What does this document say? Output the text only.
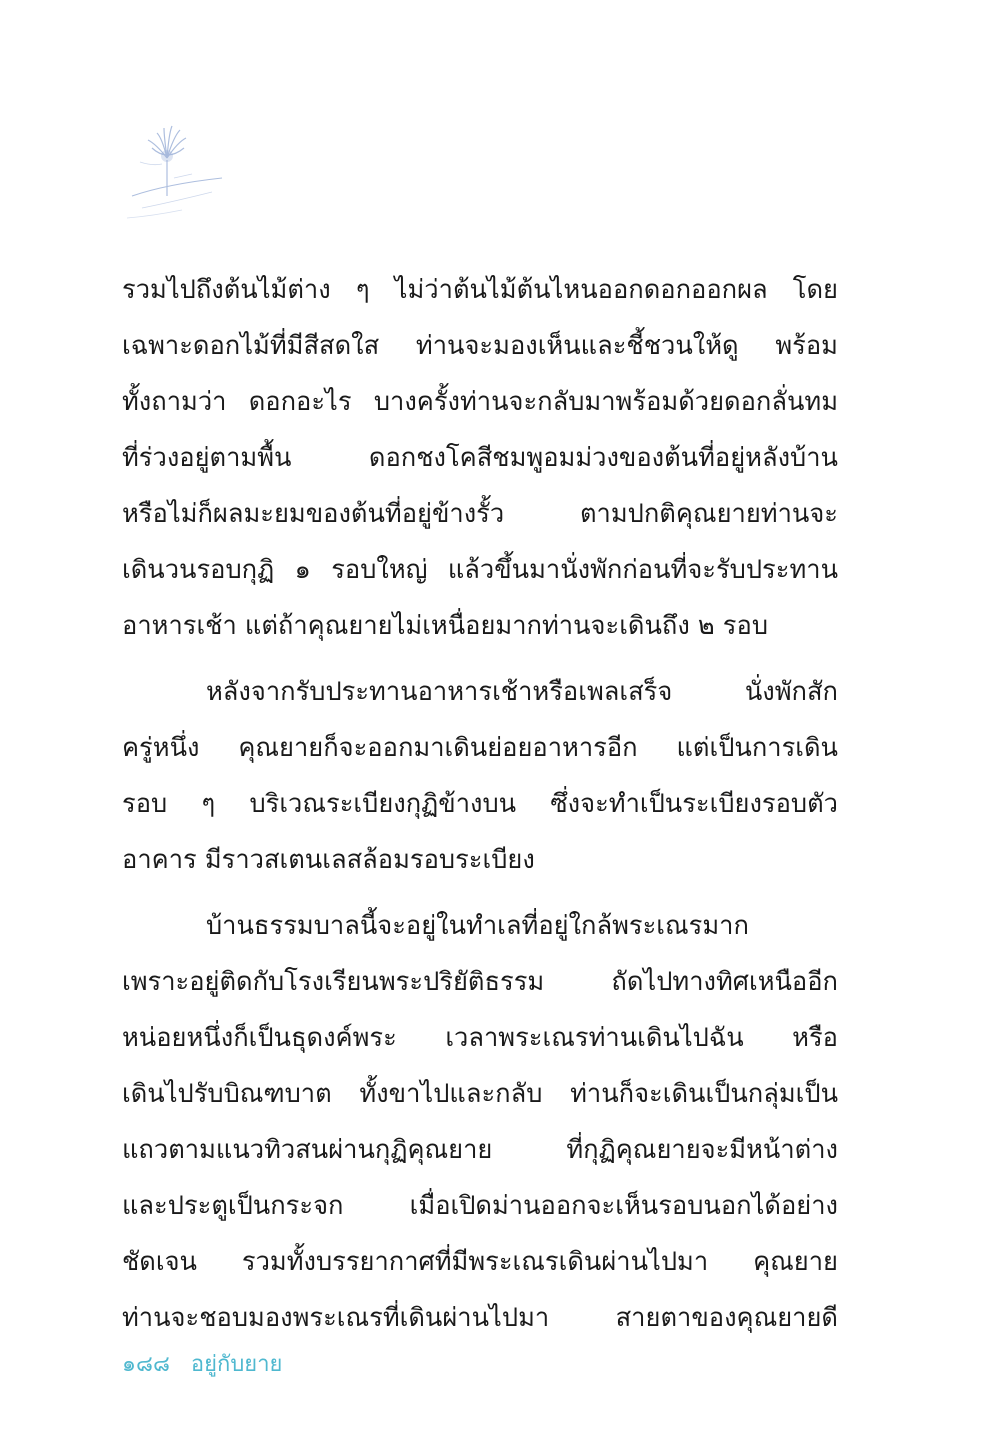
รวมไปถึงต้นไม้ต่าง ๆ ไม่ว่าต้นไม้ต้นไหนออกดอกออกผล โดย
เฉพาะดอกไม้ที่มีสีสดใส ท่านจะมองเห็นและชี้ชวนให้ดู พร้อม
ทั้งถามว่า ดอกอะไร บางครั้งท่านจะกลับมาพร้อมด้วยดอกลั่นทม
ที่ร่วงอยู่ตามพื้น ดอกชงโคสีชมพูอมม่วงของต้นที่อยู่หลังบ้าน
หรือไม่ก็ผลมะยมของต้นที่อยู่ข้างรั้ว ตามปกติคุณยายท่านจะ
เดินวนรอบกุฏิ ๑ รอบใหญ่ แล้วขึ้นมานั่งพักก่อนที่จะรับประทาน
อาหารเช้า แต่ถ้าคุณยายไม่เหนื่อยมากท่านจะเดินถึง ๒ รอบ
หลังจากรับประทานอาหารเช้าหรือเพลเสร็จ นั่งพักสัก
ครู่หนึ่ง คุณยายก็จะออกมาเดินย่อยอาหารอีก แต่เป็นการเดิน
รอบ ๆ บริเวณระเบียงกุฏิข้างบน ซึ่งจะทำเป็นระเบียงรอบตัว
อาคาร มีราวสเตนเลสล้อมรอบระเบียง
บ้านธรรมบาลนี้จะอยู่ในทำเลที่อยู่ใกล้พระเณรมาก
เพราะอยู่ติดกับโรงเรียนพระปริยัติธรรม ถัดไปทางทิศเหนืออีก
หน่อยหนึ่งก็เป็นธุดงค์พระ เวลาพระเณรท่านเดินไปฉัน หรือ
เดินไปรับบิณฑบาต ทั้งขาไปและกลับ ท่านก็จะเดินเป็นกลุ่มเป็น
แถวตามแนวทิวสนผ่านกุฏิคุณยาย ที่กุฏิคุณยายจะมีหน้าต่าง
และประตูเป็นกระจก เมื่อเปิดม่านออกจะเห็นรอบนอกได้อย่าง
ชัดเจน รวมทั้งบรรยากาศที่มีพระเณรเดินผ่านไปมา คุณยาย
ท่านจะชอบมองพระเณรที่เดินผ่านไปมา สายตาของคุณยายดี
๑๘๘ อยู่กับยาย
